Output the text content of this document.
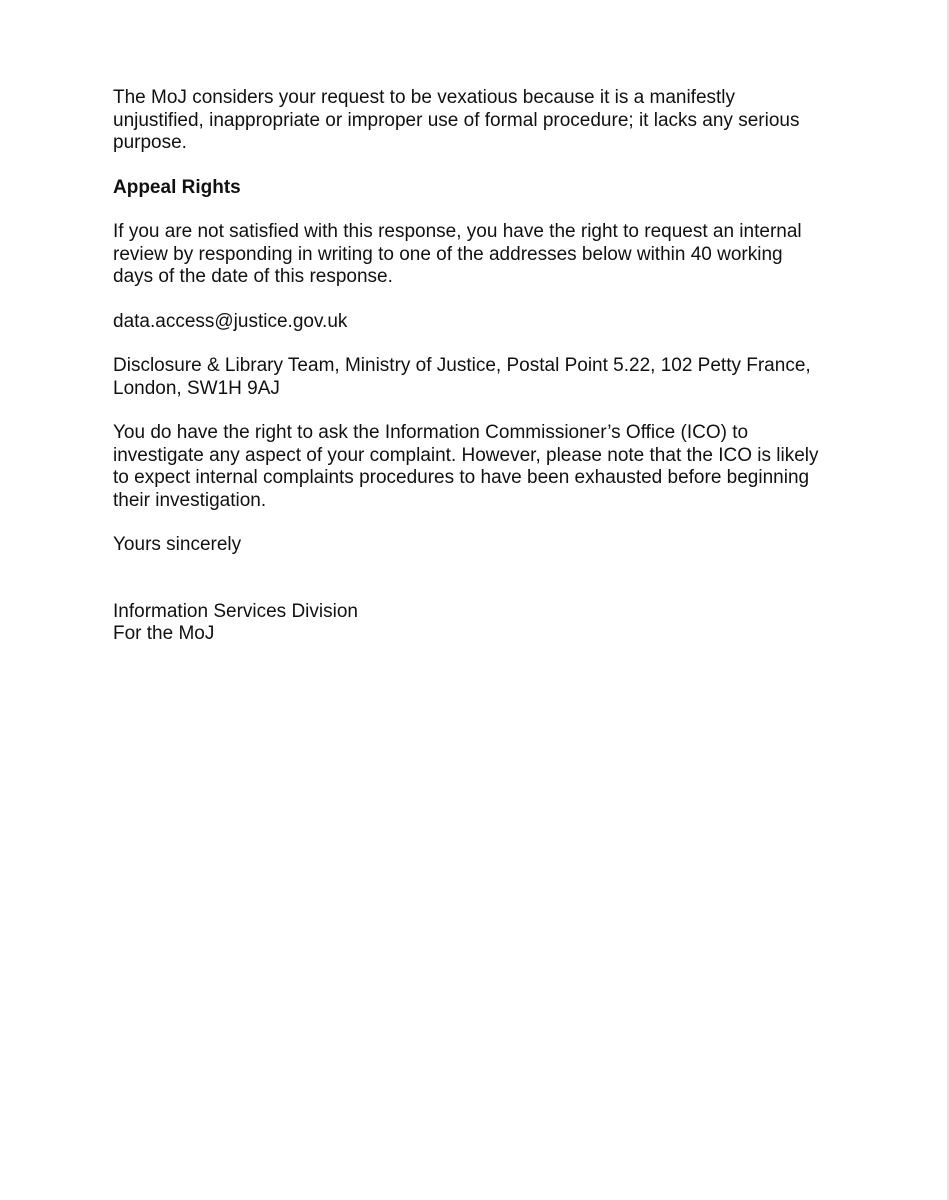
The MoJ considers your request to be vexatious because it is a manifestly
unjustified, inappropriate or improper use of formal procedure; it lacks any serious
purpose.

Appeal Rights

If you are not satisfied with this response, you have the right to request an internal
review by responding in writing to one of the addresses below within 40 working
days of the date of this response.

data.access@justice.gov.uk

Disclosure & Library Team, Ministry of Justice, Postal Point 5.22, 102 Petty France,
London, SW1H 9AJ

You do have the right to ask the Information Commissioner’s Office (ICO) to
investigate any aspect of your complaint. However, please note that the ICO is likely
to expect internal complaints procedures to have been exhausted before beginning
their investigation.

Yours sincerely

Information Services Division

For the MoJ
